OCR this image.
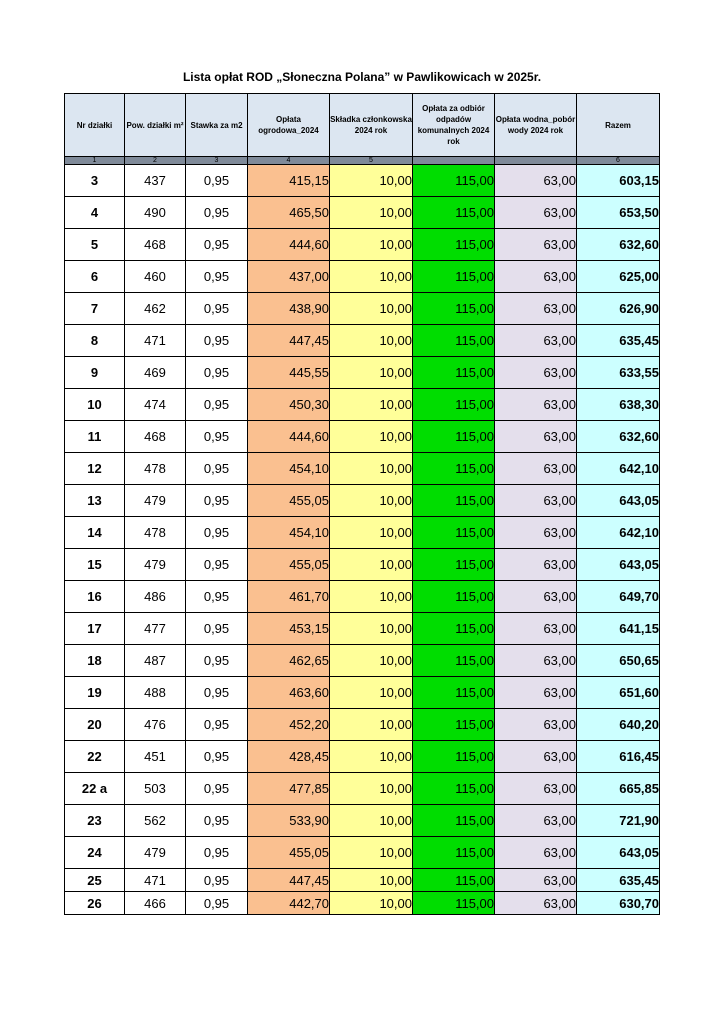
Lista opłat ROD „Słoneczna Polana” w Pawlikowicach w 2025r.
Nr działki	Pow. działki m²	Stawka za m2	Opłata ogrodowa_2024	Składka członkowska 2024 rok	Opłata za odbiór odpadów komunalnych 2024 rok	Opłata wodna_pobór wody 2024 rok	Razem
1	2	3	4	5			6
3	437	0,95	415,15	10,00	115,00	63,00	603,15
4	490	0,95	465,50	10,00	115,00	63,00	653,50
5	468	0,95	444,60	10,00	115,00	63,00	632,60
6	460	0,95	437,00	10,00	115,00	63,00	625,00
7	462	0,95	438,90	10,00	115,00	63,00	626,90
8	471	0,95	447,45	10,00	115,00	63,00	635,45
9	469	0,95	445,55	10,00	115,00	63,00	633,55
10	474	0,95	450,30	10,00	115,00	63,00	638,30
11	468	0,95	444,60	10,00	115,00	63,00	632,60
12	478	0,95	454,10	10,00	115,00	63,00	642,10
13	479	0,95	455,05	10,00	115,00	63,00	643,05
14	478	0,95	454,10	10,00	115,00	63,00	642,10
15	479	0,95	455,05	10,00	115,00	63,00	643,05
16	486	0,95	461,70	10,00	115,00	63,00	649,70
17	477	0,95	453,15	10,00	115,00	63,00	641,15
18	487	0,95	462,65	10,00	115,00	63,00	650,65
19	488	0,95	463,60	10,00	115,00	63,00	651,60
20	476	0,95	452,20	10,00	115,00	63,00	640,20
22	451	0,95	428,45	10,00	115,00	63,00	616,45
22 a	503	0,95	477,85	10,00	115,00	63,00	665,85
23	562	0,95	533,90	10,00	115,00	63,00	721,90
24	479	0,95	455,05	10,00	115,00	63,00	643,05
25	471	0,95	447,45	10,00	115,00	63,00	635,45
26	466	0,95	442,70	10,00	115,00	63,00	630,70
